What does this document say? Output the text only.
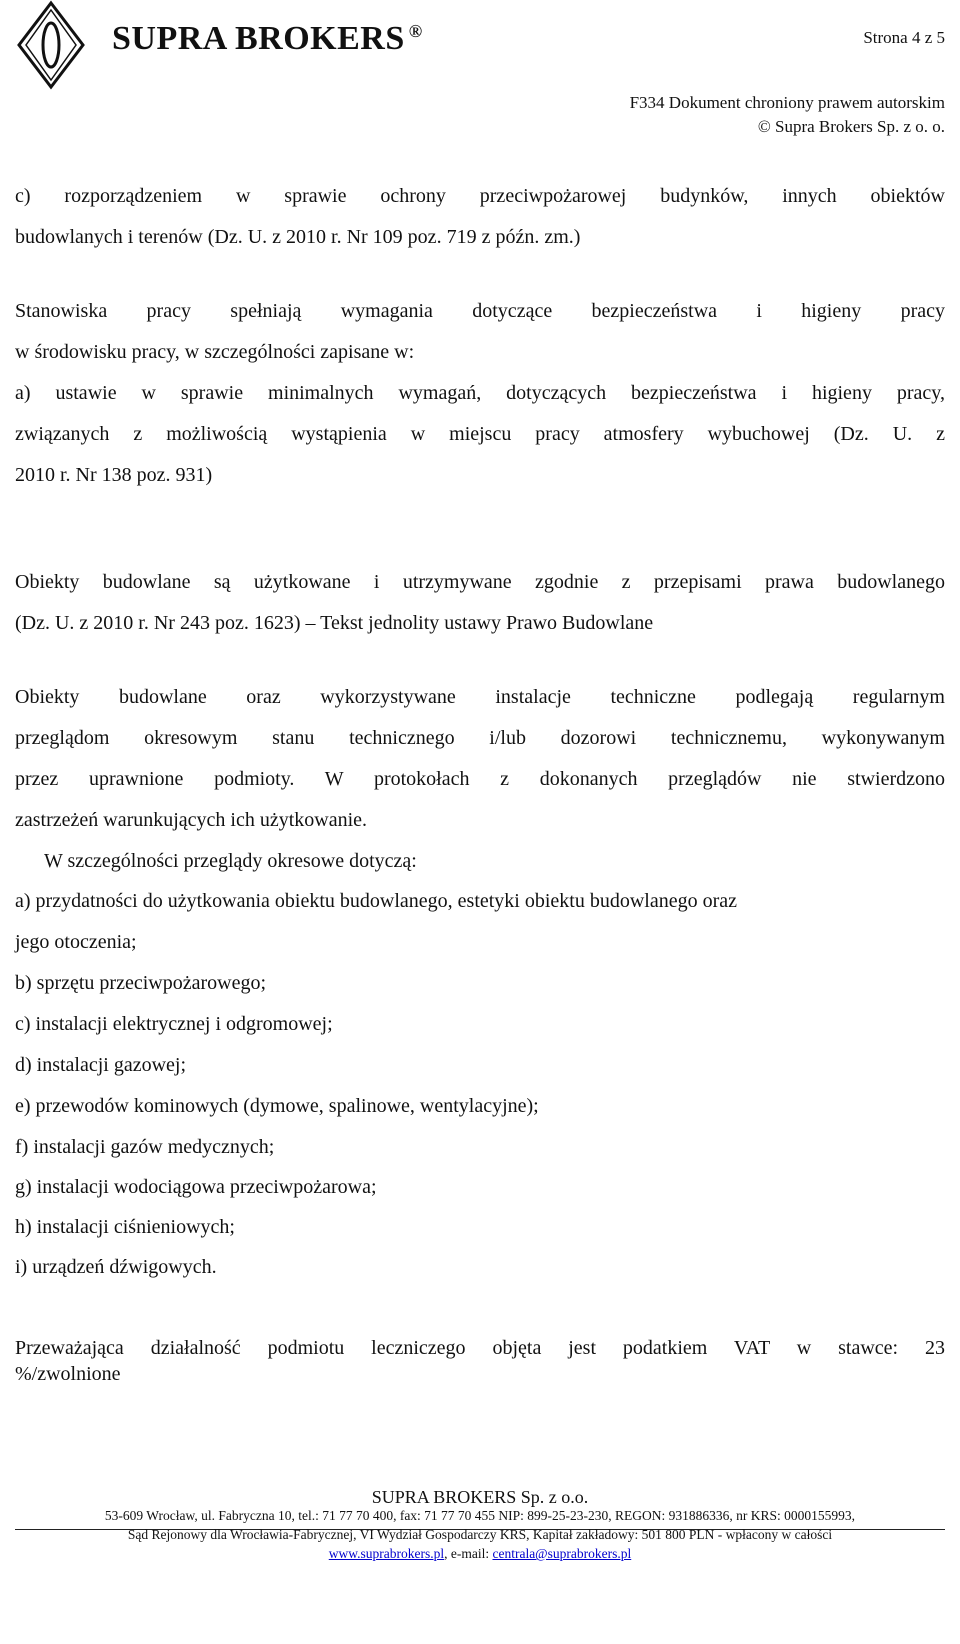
SUPRA BROKERS ®	Strona 4 z 5
F334 Dokument chroniony prawem autorskim
© Supra Brokers Sp. z o. o.
c) rozporządzeniem w sprawie ochrony przeciwpożarowej budynków, innych obiektów
budowlanych i terenów (Dz. U. z 2010 r. Nr 109 poz. 719 z późn. zm.)
Stanowiska pracy spełniają wymagania dotyczące bezpieczeństwa i higieny pracy
w środowisku pracy, w szczególności zapisane w:
a) ustawie w sprawie minimalnych wymagań, dotyczących bezpieczeństwa i higieny pracy,
związanych z możliwością wystąpienia w miejscu pracy atmosfery wybuchowej (Dz. U. z
2010 r. Nr 138 poz. 931)
Obiekty budowlane są użytkowane i utrzymywane zgodnie z przepisami prawa budowlanego
(Dz. U. z 2010 r. Nr 243 poz. 1623) – Tekst jednolity ustawy Prawo Budowlane
Obiekty budowlane oraz wykorzystywane instalacje techniczne podlegają regularnym
przeglądom okresowym stanu technicznego i/lub dozorowi technicznemu, wykonywanym
przez uprawnione podmioty. W protokołach z dokonanych przeglądów nie stwierdzono
zastrzeżeń warunkujących ich użytkowanie.
W szczególności przeglądy okresowe dotyczą:
a) przydatności do użytkowania obiektu budowlanego, estetyki obiektu budowlanego oraz
jego otoczenia;
b) sprzętu przeciwpożarowego;
c) instalacji elektrycznej i odgromowej;
d) instalacji gazowej;
e) przewodów kominowych (dymowe, spalinowe, wentylacyjne);
f) instalacji gazów medycznych;
g) instalacji wodociągowa przeciwpożarowa;
h) instalacji ciśnieniowych;
i) urządzeń dźwigowych.
Przeważająca działalność podmiotu leczniczego objęta jest podatkiem VAT w stawce: 23
%/zwolnione
SUPRA BROKERS Sp. z o.o.
53-609 Wrocław, ul. Fabryczna 10, tel.: 71 77 70 400, fax: 71 77 70 455 NIP: 899-25-23-230, REGON: 931886336, nr KRS: 0000155993,
Sąd Rejonowy dla Wrocławia-Fabrycznej, VI Wydział Gospodarczy KRS, Kapitał zakładowy: 501 800 PLN - wpłacony w całości
www.suprabrokers.pl, e-mail: centrala@suprabrokers.pl
